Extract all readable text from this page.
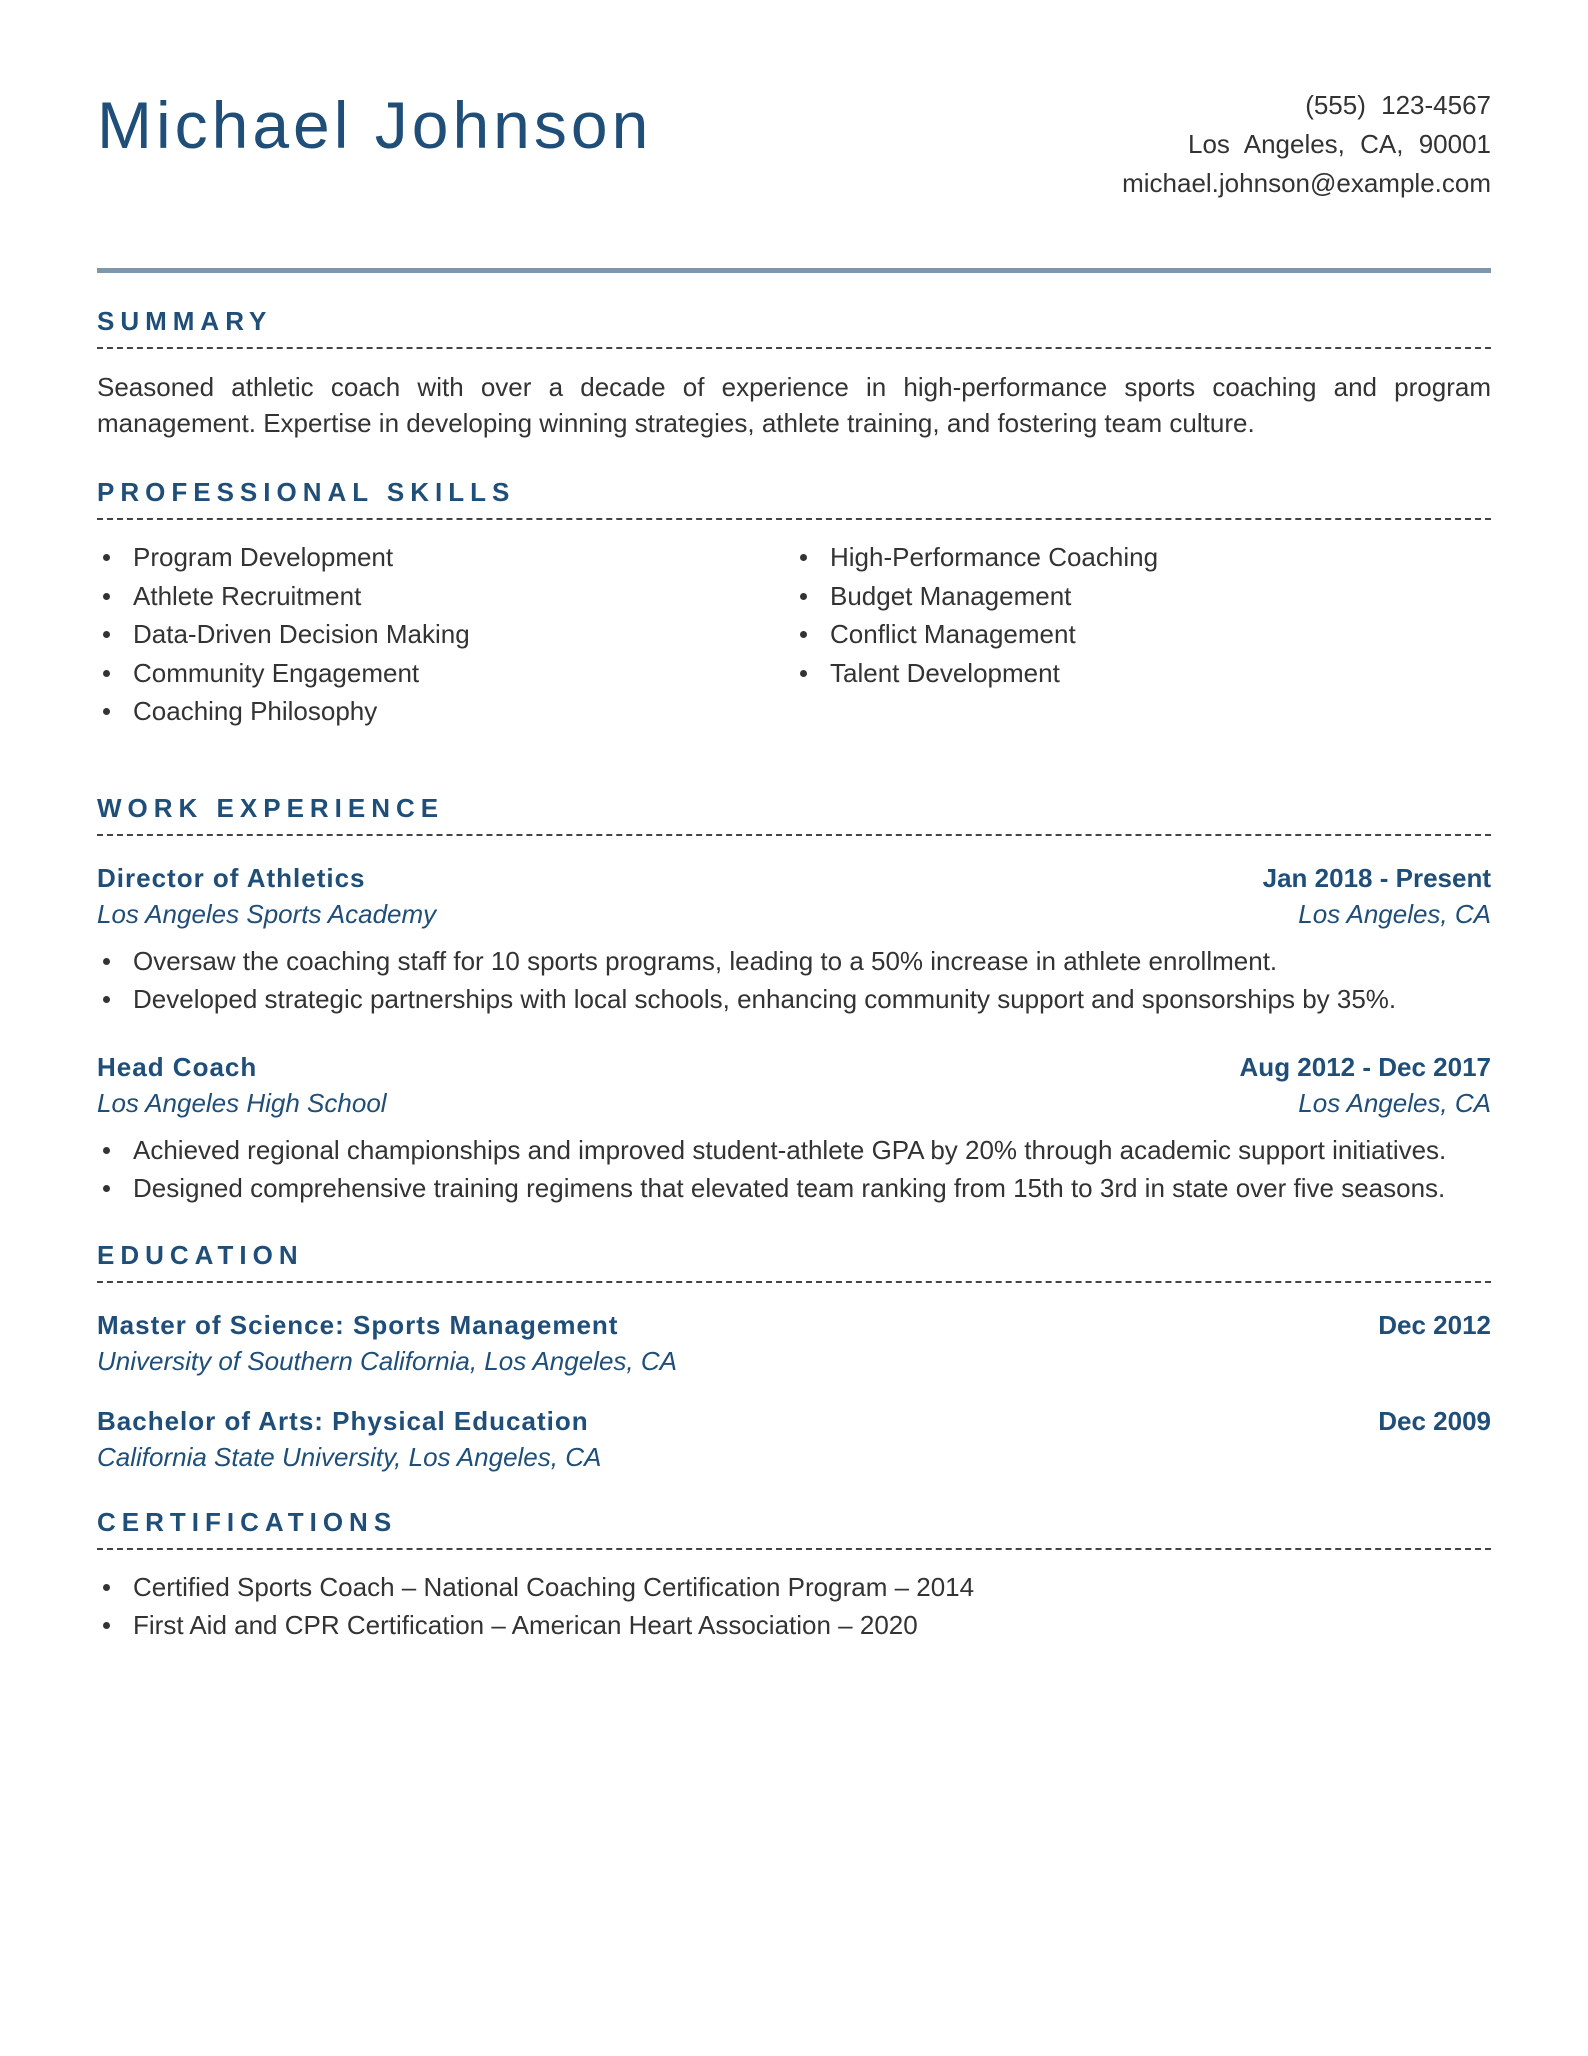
Michael Johnson	(555) 123-4567
Los Angeles, CA, 90001
michael.johnson@example.com
SUMMARY

Seasoned athletic coach with over a decade of experience in high-performance sports coaching and program management. Expertise in developing winning strategies, athlete training, and fostering team culture.

PROFESSIONAL SKILLS
Program Development
Athlete Recruitment
Data-Driven Decision Making
Community Engagement
Coaching Philosophy
High-Performance Coaching
Budget Management
Conflict Management
Talent Development
WORK EXPERIENCE
Director of Athletics	Jan 2018 - Present
Los Angeles Sports Academy	Los Angeles, CA
Oversaw the coaching staff for 10 sports programs, leading to a 50% increase in athlete enrollment.
Developed strategic partnerships with local schools, enhancing community support and sponsorships by 35%.
Head Coach	Aug 2012 - Dec 2017
Los Angeles High School	Los Angeles, CA
Achieved regional championships and improved student-athlete GPA by 20% through academic support initiatives.
Designed comprehensive training regimens that elevated team ranking from 15th to 3rd in state over five seasons.
EDUCATION
Master of Science: Sports Management	Dec 2012
University of Southern California, Los Angeles, CA
Bachelor of Arts: Physical Education	Dec 2009
California State University, Los Angeles, CA
CERTIFICATIONS
Certified Sports Coach – National Coaching Certification Program – 2014
First Aid and CPR Certification – American Heart Association – 2020
